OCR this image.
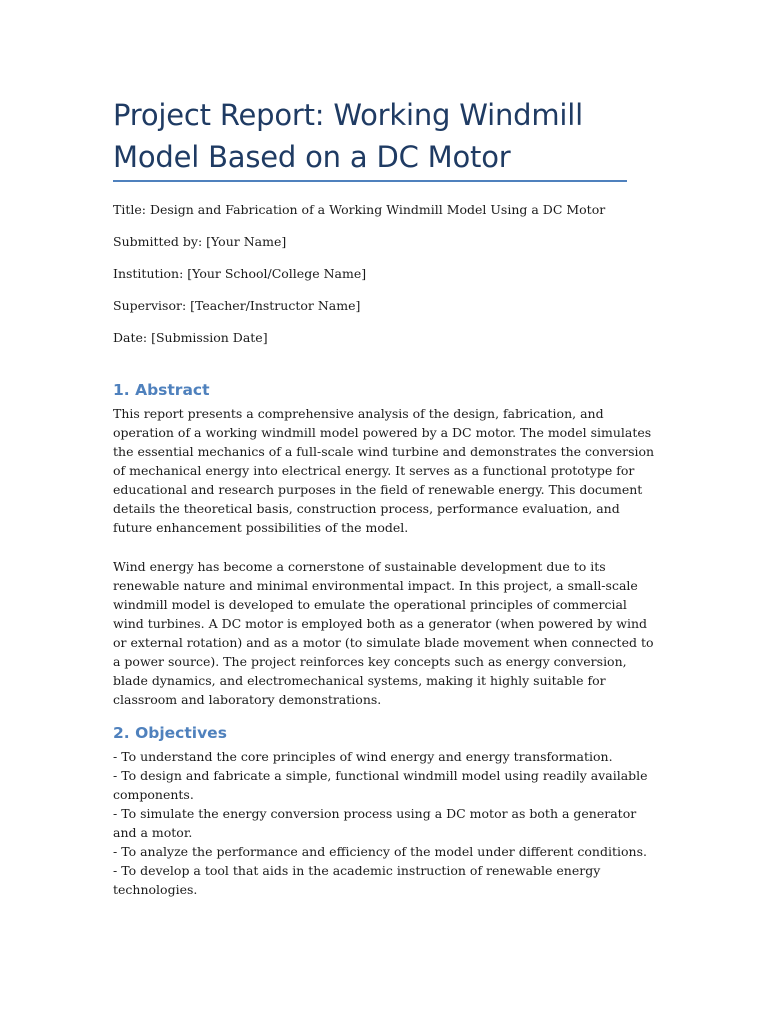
Project Report: Working Windmill Model Based on a DC Motor

Title: Design and Fabrication of a Working Windmill Model Using a DC Motor

Submitted by: [Your Name]

Institution: [Your School/College Name]

Supervisor: [Teacher/Instructor Name]

Date: [Submission Date]

1. Abstract

This report presents a comprehensive analysis of the design, fabrication, and operation of a working windmill model powered by a DC motor. The model simulates the essential mechanics of a full-scale wind turbine and demonstrates the conversion of mechanical energy into electrical energy. It serves as a functional prototype for educational and research purposes in the field of renewable energy. This document details the theoretical basis, construction process, performance evaluation, and future enhancement possibilities of the model.

Wind energy has become a cornerstone of sustainable development due to its renewable nature and minimal environmental impact. In this project, a small-scale windmill model is developed to emulate the operational principles of commercial wind turbines. A DC motor is employed both as a generator (when powered by wind or external rotation) and as a motor (to simulate blade movement when connected to a power source). The project reinforces key concepts such as energy conversion, blade dynamics, and electromechanical systems, making it highly suitable for classroom and laboratory demonstrations.

2. Objectives
- To understand the core principles of wind energy and energy transformation.
- To design and fabricate a simple, functional windmill model using readily available components.
- To simulate the energy conversion process using a DC motor as both a generator and a motor.
- To analyze the performance and efficiency of the model under different conditions.
- To develop a tool that aids in the academic instruction of renewable energy technologies.
